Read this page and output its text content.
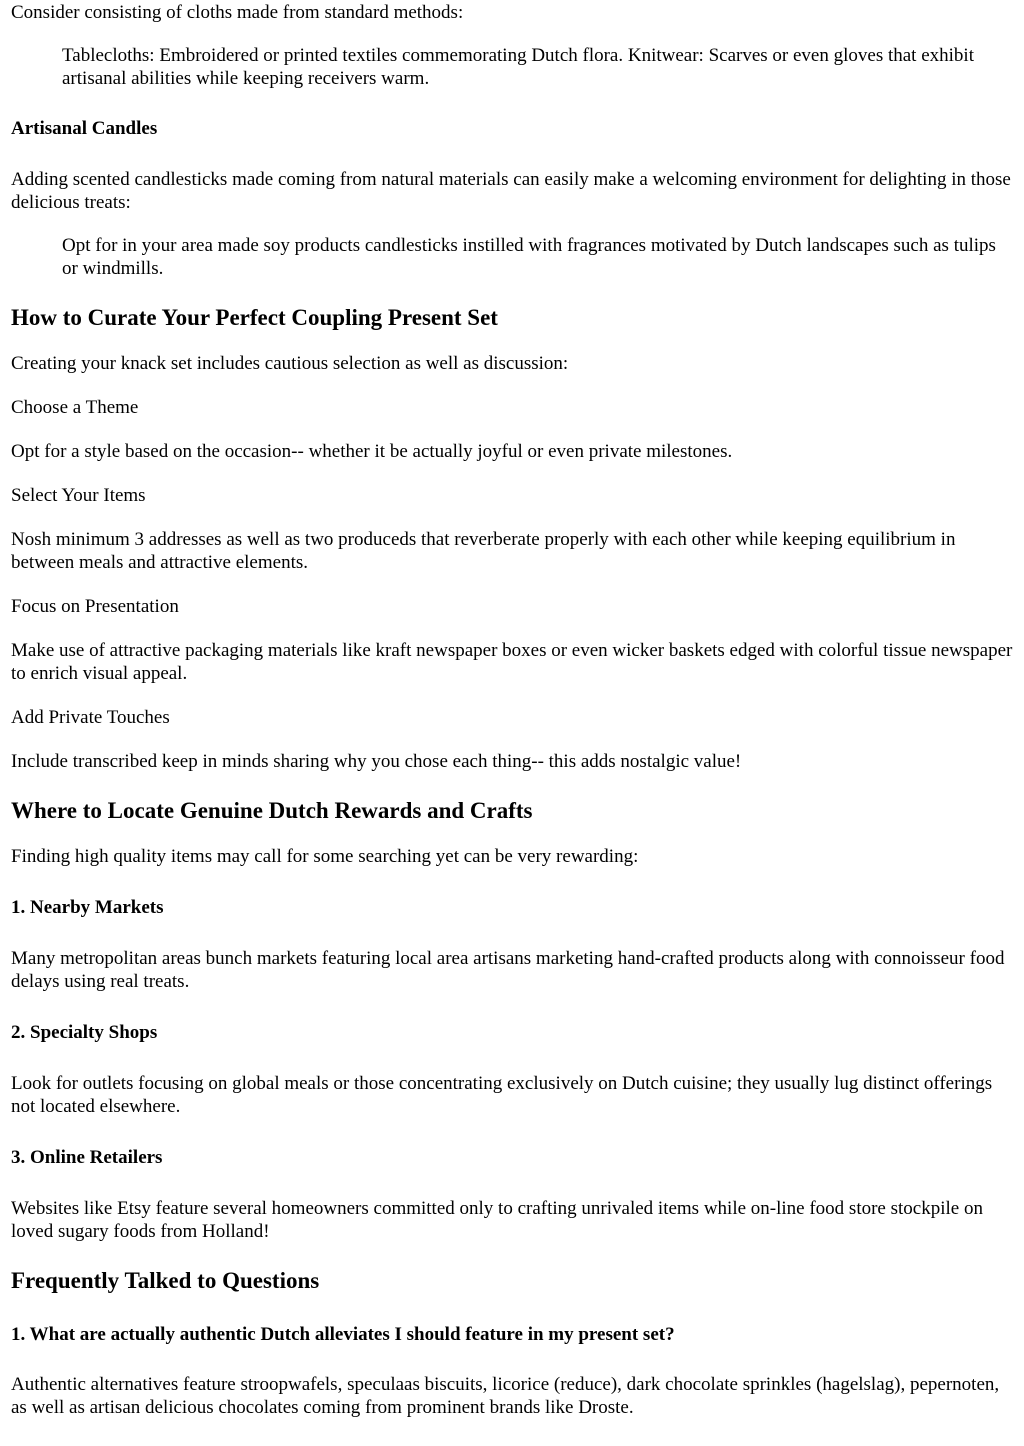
Consider consisting of cloths made from standard methods:

Tablecloths: Embroidered or printed textiles commemorating Dutch flora. Knitwear: Scarves or even gloves that exhibit artisanal abilities while keeping receivers warm.

Artisanal Candles

Adding scented candlesticks made coming from natural materials can easily make a welcoming environment for delighting in those delicious treats:

Opt for in your area made soy products candlesticks instilled with fragrances motivated by Dutch landscapes such as tulips or windmills.

How to Curate Your Perfect Coupling Present Set

Creating your knack set includes cautious selection as well as discussion:

Choose a Theme

Opt for a style based on the occasion-- whether it be actually joyful or even private milestones.

Select Your Items

Nosh minimum 3 addresses as well as two produceds that reverberate properly with each other while keeping equilibrium in between meals and attractive elements.

Focus on Presentation

Make use of attractive packaging materials like kraft newspaper boxes or even wicker baskets edged with colorful tissue newspaper to enrich visual appeal.

Add Private Touches

Include transcribed keep in minds sharing why you chose each thing-- this adds nostalgic value!

Where to Locate Genuine Dutch Rewards and Crafts

Finding high quality items may call for some searching yet can be very rewarding:

1. Nearby Markets

Many metropolitan areas bunch markets featuring local area artisans marketing hand-crafted products along with connoisseur food delays using real treats.

2. Specialty Shops

Look for outlets focusing on global meals or those concentrating exclusively on Dutch cuisine; they usually lug distinct offerings not located elsewhere.

3. Online Retailers

Websites like Etsy feature several homeowners committed only to crafting unrivaled items while on-line food store stockpile on loved sugary foods from Holland!

Frequently Talked to Questions
1. What are actually authentic Dutch alleviates I should feature in my present set?

Authentic alternatives feature stroopwafels, speculaas biscuits, licorice (reduce), dark chocolate sprinkles (hagelslag), pepernoten, as well as artisan delicious chocolates coming from prominent brands like Droste.
